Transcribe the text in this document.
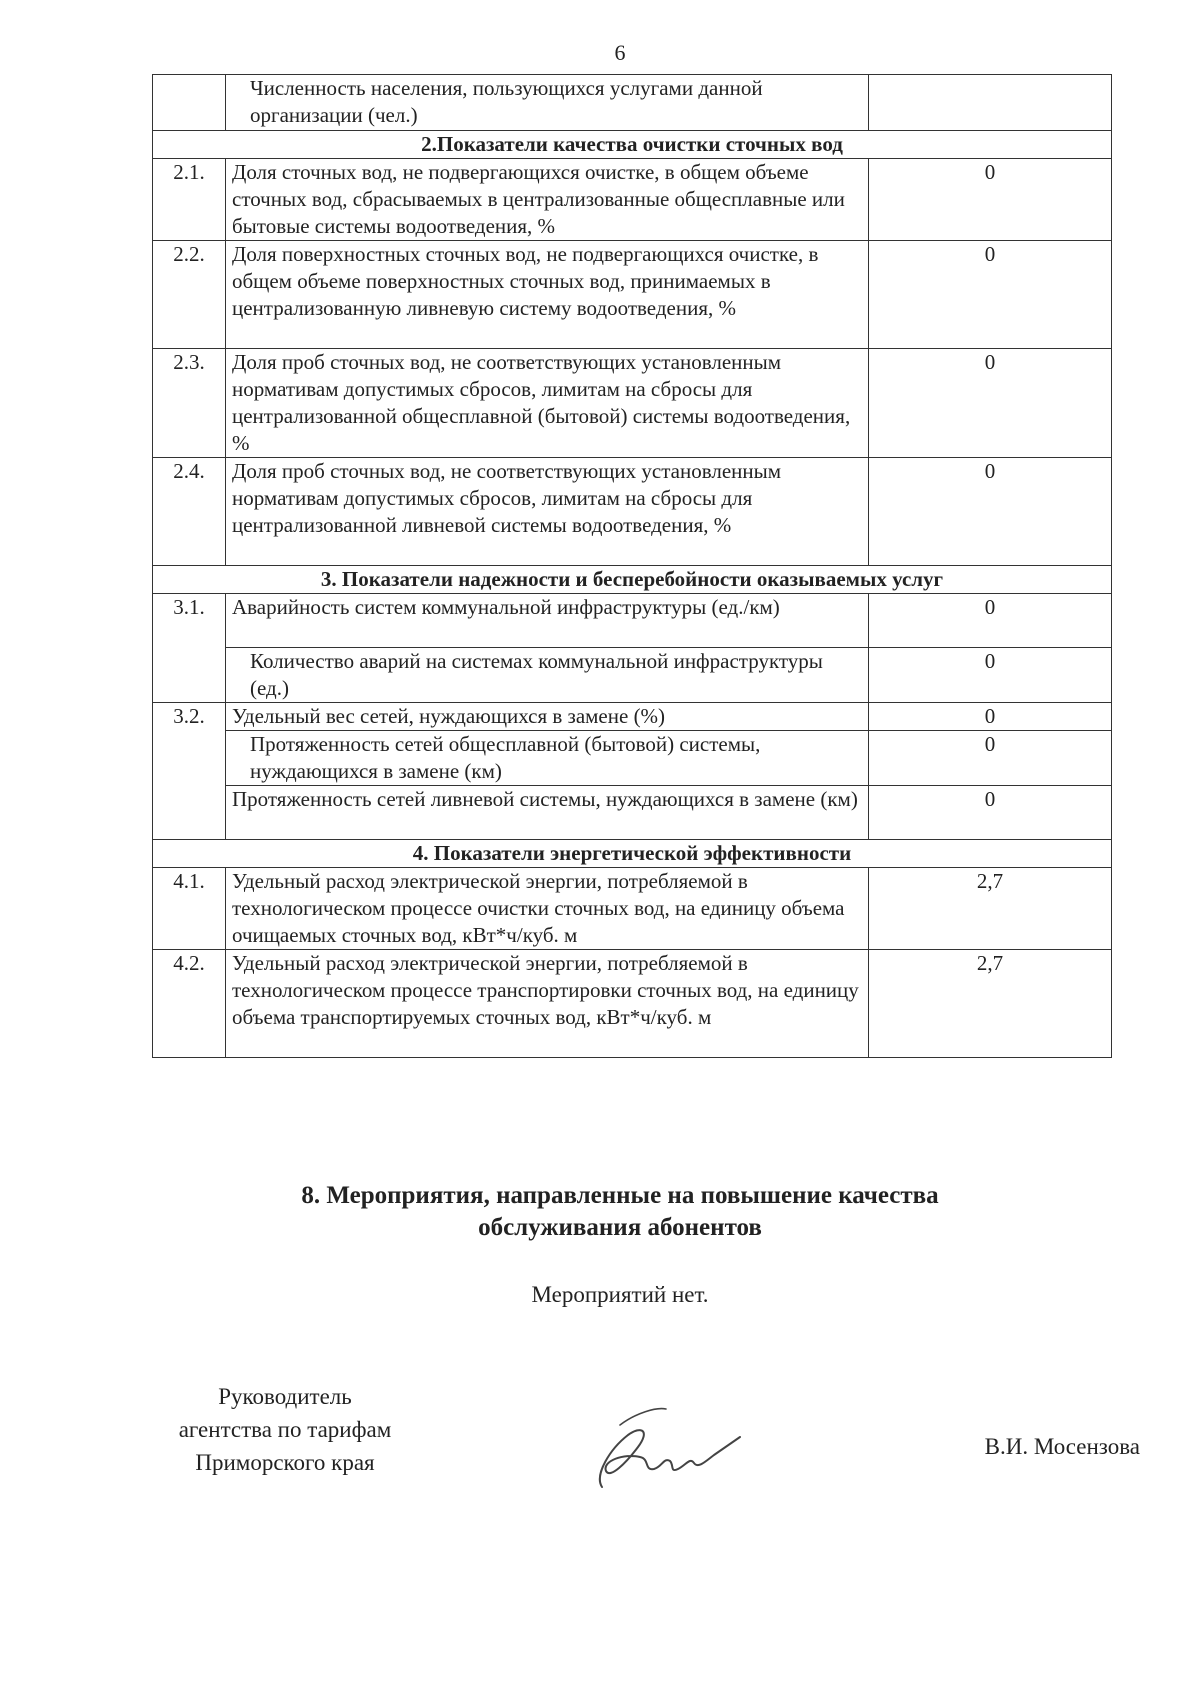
6
	Численность населения, пользующихся услугами данной организации (чел.)	
2.Показатели качества очистки сточных вод		
2.1.	Доля сточных вод, не подвергающихся очистке, в общем объеме сточных вод, сбрасываемых в централизованные общесплавные или бытовые системы водоотведения, %	0
2.2.	Доля поверхностных сточных вод, не подвергающихся очистке, в общем объеме поверхностных сточных вод, принимаемых в централизованную ливневую систему водоотведения, %	0
2.3.	Доля проб сточных вод, не соответствующих установленным нормативам допустимых сбросов, лимитам на сбросы для централизованной общесплавной (бытовой) системы водоотведения, %	0
2.4.	Доля проб сточных вод, не соответствующих установленным нормативам допустимых сбросов, лимитам на сбросы для централизованной ливневой системы водоотведения, %	0
3. Показатели надежности и бесперебойности оказываемых услуг		
3.1.	Аварийность систем коммунальной инфраструктуры (ед./км)	0
	Количество аварий на системах коммунальной инфраструктуры (ед.)	0
3.2.	Удельный вес сетей, нуждающихся в замене (%)	0
	Протяженность сетей общесплавной (бытовой) системы, нуждающихся в замене (км)	0
	Протяженность сетей ливневой системы, нуждающихся в замене (км)	0
4. Показатели энергетической эффективности		
4.1.	Удельный расход электрической энергии, потребляемой в технологическом процессе очистки сточных вод, на единицу объема очищаемых сточных вод, кВт*ч/куб. м	2,7
4.2.	Удельный расход электрической энергии, потребляемой в технологическом процессе транспортировки сточных вод, на единицу объема транспортируемых сточных вод, кВт*ч/куб. м	2,7
8. Мероприятия, направленные на повышение качества
обслуживания абонентов
Мероприятий нет.
Руководитель
агентства по тарифам
Приморского края
В.И. Мосензова
